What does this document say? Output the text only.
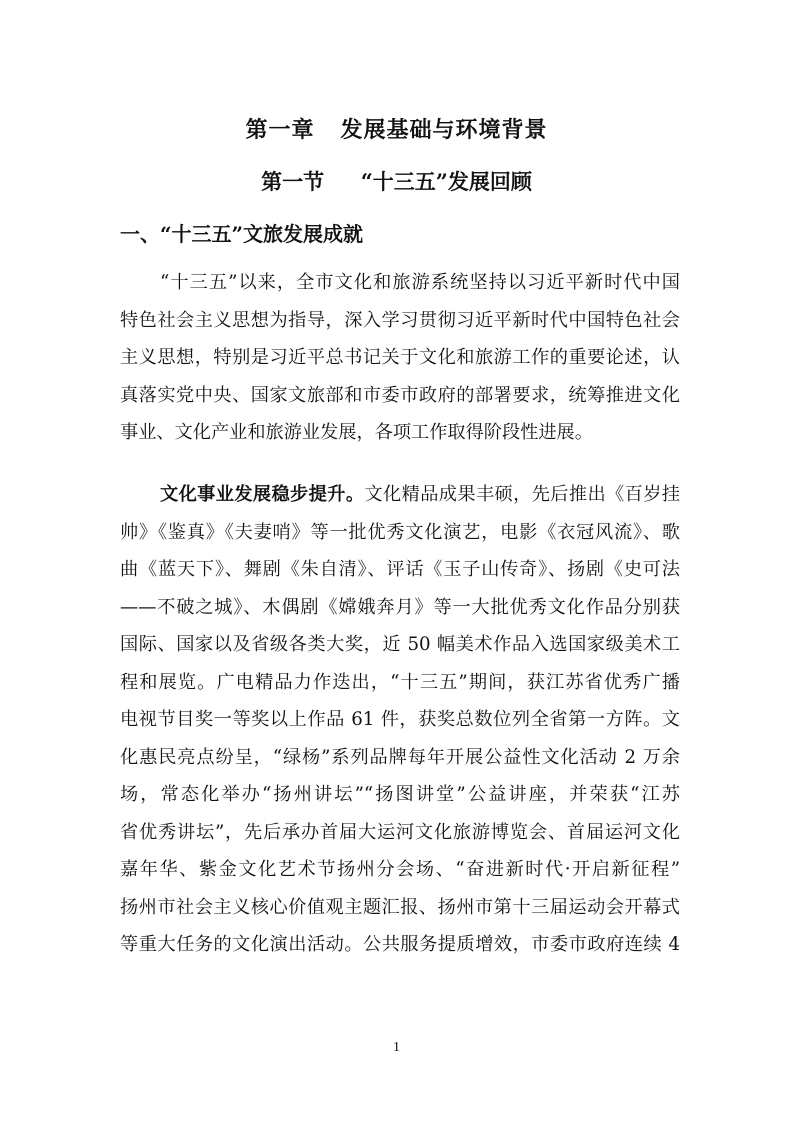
第一章   发展基础与环境背景
第一节     “十三五”发展回顾
一、“十三五”文旅发展成就
“十三五”以来，全市文化和旅游系统坚持以习近平新时代中国
特色社会主义思想为指导，深入学习贯彻习近平新时代中国特色社会
主义思想，特别是习近平总书记关于文化和旅游工作的重要论述，认
真落实党中央、国家文旅部和市委市政府的部署要求，统筹推进文化
事业、文化产业和旅游业发展，各项工作取得阶段性进展。
文化事业发展稳步提升。文化精品成果丰硕，先后推出《百岁挂
帅》《鉴真》《夫妻哨》等一批优秀文化演艺，电影《衣冠风流》、歌
曲《蓝天下》、舞剧《朱自清》、评话《玉子山传奇》、扬剧《史可法
——不破之城》、木偶剧《嫦娥奔月》等一大批优秀文化作品分别获
国际、国家以及省级各类大奖，近 50 幅美术作品入选国家级美术工
程和展览。广电精品力作迭出，“十三五”期间，获江苏省优秀广播
电视节目奖一等奖以上作品 61 件，获奖总数位列全省第一方阵。文
化惠民亮点纷呈，“绿杨”系列品牌每年开展公益性文化活动 2 万余
场，常态化举办“扬州讲坛”“扬图讲堂”公益讲座，并荣获“江苏
省优秀讲坛”，先后承办首届大运河文化旅游博览会、首届运河文化
嘉年华、紫金文化艺术节扬州分会场、“奋进新时代·开启新征程”
扬州市社会主义核心价值观主题汇报、扬州市第十三届运动会开幕式
等重大任务的文化演出活动。公共服务提质增效，市委市政府连续 4
1
